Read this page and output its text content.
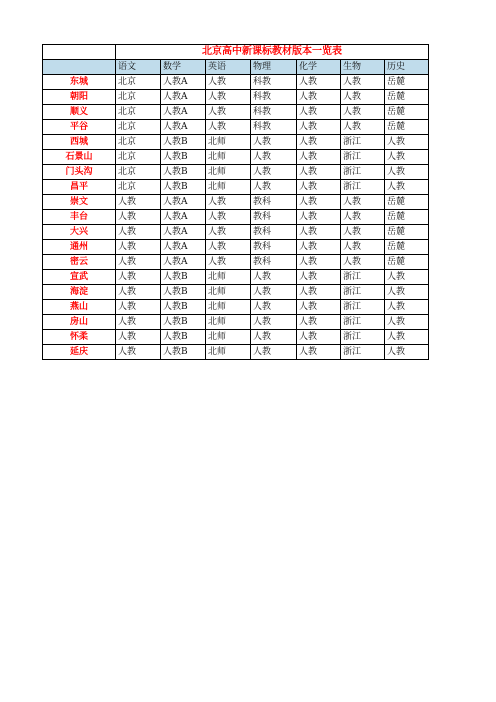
	北京高中新课标教材版本一览表						
	语文	数学	英语	物理	化学	生物	历史
东城	北京	人教A	人教	科教	人教	人教	岳麓
朝阳	北京	人教A	人教	科教	人教	人教	岳麓
顺义	北京	人教A	人教	科教	人教	人教	岳麓
平谷	北京	人教A	人教	科教	人教	人教	岳麓
西城	北京	人教B	北师	人教	人教	浙江	人教
石景山	北京	人教B	北师	人教	人教	浙江	人教
门头沟	北京	人教B	北师	人教	人教	浙江	人教
昌平	北京	人教B	北师	人教	人教	浙江	人教
崇文	人教	人教A	人教	教科	人教	人教	岳麓
丰台	人教	人教A	人教	教科	人教	人教	岳麓
大兴	人教	人教A	人教	教科	人教	人教	岳麓
通州	人教	人教A	人教	教科	人教	人教	岳麓
密云	人教	人教A	人教	教科	人教	人教	岳麓
宣武	人教	人教B	北师	人教	人教	浙江	人教
海淀	人教	人教B	北师	人教	人教	浙江	人教
燕山	人教	人教B	北师	人教	人教	浙江	人教
房山	人教	人教B	北师	人教	人教	浙江	人教
怀柔	人教	人教B	北师	人教	人教	浙江	人教
延庆	人教	人教B	北师	人教	人教	浙江	人教
